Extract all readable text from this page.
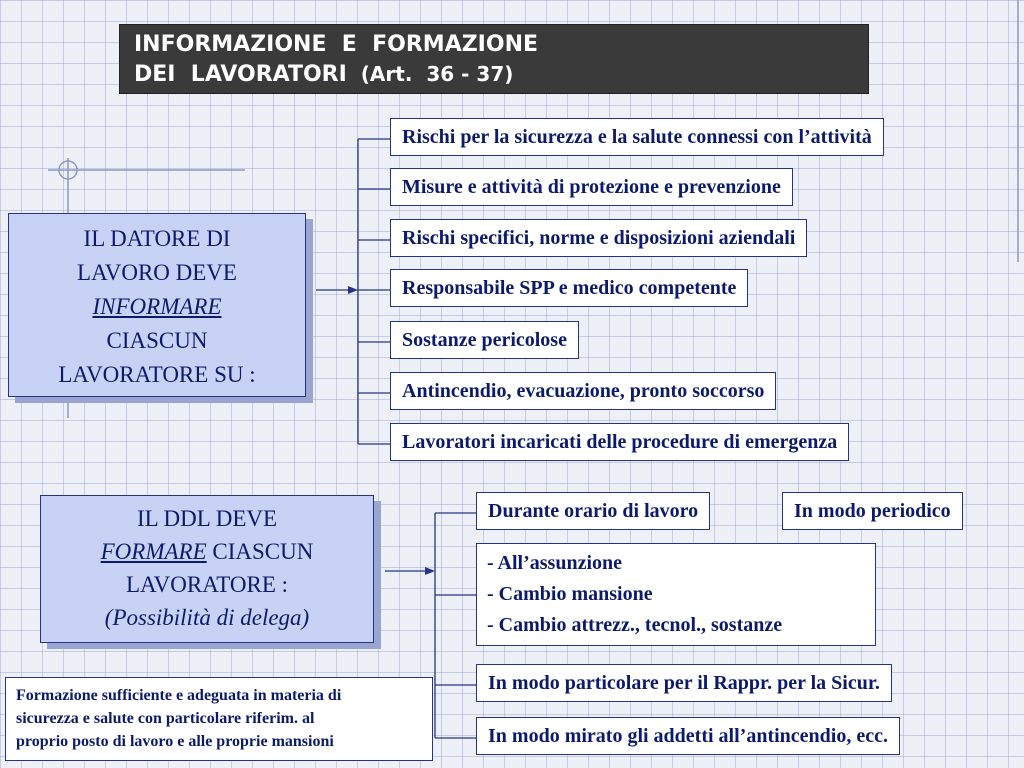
INFORMAZIONE  E  FORMAZIONE
DEI  LAVORATORI (Art.  36 - 37)
IL DATORE DI
LAVORO DEVE
INFORMARE
CIASCUN
LAVORATORE SU :
Rischi per la sicurezza e la salute connessi con l’attività
Misure e attività di protezione e prevenzione
Rischi specifici, norme e disposizioni aziendali
Responsabile SPP e medico competente
Sostanze pericolose
Antincendio, evacuazione, pronto soccorso
Lavoratori incaricati delle procedure di emergenza
IL DDL DEVE
FORMARE CIASCUN
LAVORATORE :
(Possibilità di delega)
Durante orario di lavoro	In modo periodico
- All’assunzione
- Cambio mansione
- Cambio attrezz., tecnol., sostanze
In modo particolare per il Rappr. per la Sicur.
In modo mirato gli addetti all’antincendio, ecc.
Formazione sufficiente e adeguata in materia di
sicurezza e salute con particolare riferim. al
proprio posto di lavoro e alle proprie mansioni
